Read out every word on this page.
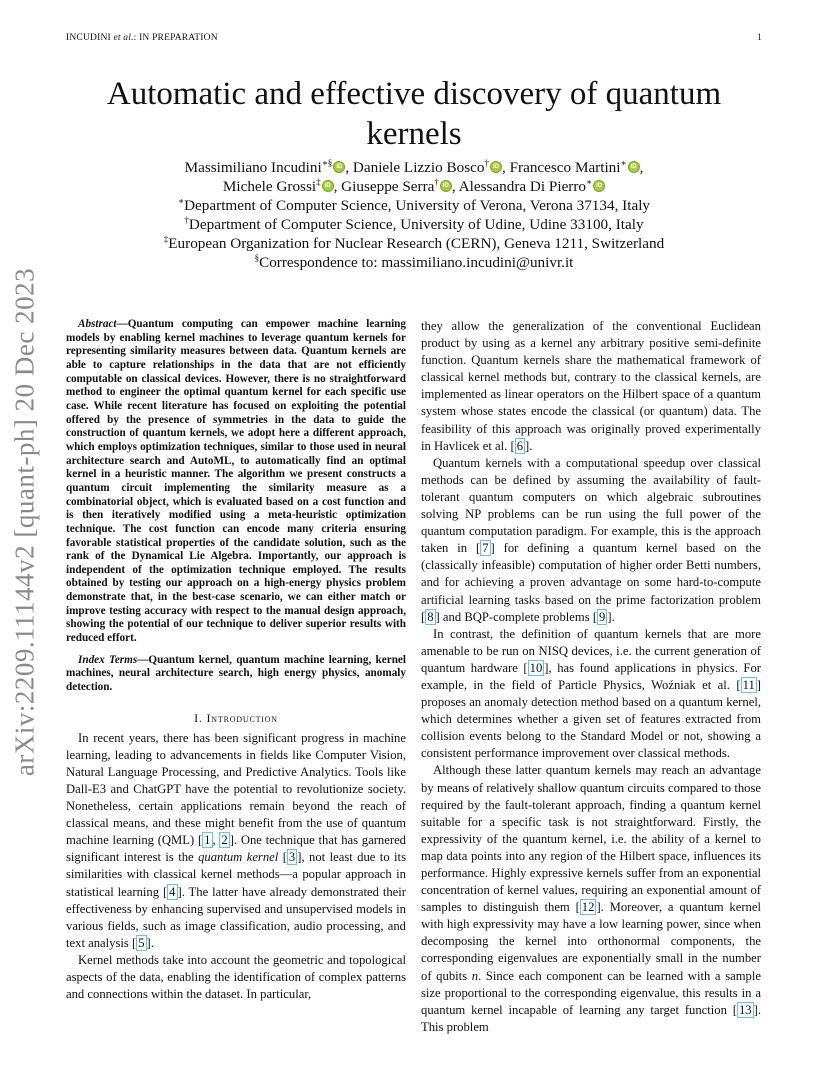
INCUDINI et al.: IN PREPARATION	1
arXiv:2209.11144v2 [quant-ph] 20 Dec 2023
Automatic and effective discovery of quantum kernels
Massimiliano Incudini∗§ iD , Daniele Lizzio Bosco† iD , Francesco Martini∗ iD ,
Michele Grossi‡ iD , Giuseppe Serra† iD , Alessandra Di Pierro∗iD
∗Department of Computer Science, University of Verona, Verona 37134, Italy
†Department of Computer Science, University of Udine, Udine 33100, Italy
‡European Organization for Nuclear Research (CERN), Geneva 1211, Switzerland
§Correspondence to: massimiliano.incudini@univr.it

Abstract—Quantum computing can empower machine learning models by enabling kernel machines to leverage quantum kernels for representing similarity measures between data. Quantum kernels are able to capture relationships in the data that are not efficiently computable on classical devices. However, there is no straightforward method to engineer the optimal quantum kernel for each specific use case. While recent literature has focused on exploiting the potential offered by the presence of symmetries in the data to guide the construction of quantum kernels, we adopt here a different approach, which employs optimization techniques, similar to those used in neural architecture search and AutoML, to automatically find an optimal kernel in a heuristic manner. The algorithm we present constructs a quantum circuit implementing the similarity measure as a combinatorial object, which is evaluated based on a cost function and is then iteratively modified using a meta-heuristic optimization technique. The cost function can encode many criteria ensuring favorable statistical properties of the candidate solution, such as the rank of the Dynamical Lie Algebra. Importantly, our approach is independent of the optimization technique employed. The results obtained by testing our approach on a high-energy physics problem demonstrate that, in the best-case scenario, we can either match or improve testing accuracy with respect to the manual design approach, showing the potential of our technique to deliver superior results with reduced effort.

Index Terms—Quantum kernel, quantum machine learning, kernel machines, neural architecture search, high energy physics, anomaly detection.

I. Introduction

In recent years, there has been significant progress in machine learning, leading to advancements in fields like Computer Vision, Natural Language Processing, and Predictive Analytics. Tools like Dall-E3 and ChatGPT have the potential to revolutionize society. Nonetheless, certain applications remain beyond the reach of classical means, and these might benefit from the use of quantum machine learning (QML) [ 1 , 2 ]. One technique that has garnered significant interest is the quantum kernel [ 3 ], not least due to its similarities with classical kernel methods—a popular approach in statistical learning [ 4 ]. The latter have already demonstrated their effectiveness by enhancing supervised and unsupervised models in various fields, such as image classification, audio processing, and text analysis [ 5 ].

Kernel methods take into account the geometric and topological aspects of the data, enabling the identification of complex patterns and connections within the dataset. In particular,

they allow the generalization of the conventional Euclidean product by using as a kernel any arbitrary positive semi-definite function. Quantum kernels share the mathematical framework of classical kernel methods but, contrary to the classical kernels, are implemented as linear operators on the Hilbert space of a quantum system whose states encode the classical (or quantum) data. The feasibility of this approach was originally proved experimentally in Havlicek et al. [ 6 ].

Quantum kernels with a computational speedup over classical methods can be defined by assuming the availability of fault-tolerant quantum computers on which algebraic subroutines solving NP problems can be run using the full power of the quantum computation paradigm. For example, this is the approach taken in [ 7 ] for defining a quantum kernel based on the (classically infeasible) computation of higher order Betti numbers, and for achieving a proven advantage on some hard-to-compute artificial learning tasks based on the prime factorization problem [ 8 ] and BQP-complete problems [ 9 ].

In contrast, the definition of quantum kernels that are more amenable to be run on NISQ devices, i.e. the current generation of quantum hardware [ 10 ], has found applications in physics. For example, in the field of Particle Physics, Woźniak et al. [ 11 ] proposes an anomaly detection method based on a quantum kernel, which determines whether a given set of features extracted from collision events belong to the Standard Model or not, showing a consistent performance improvement over classical methods.

Although these latter quantum kernels may reach an advantage by means of relatively shallow quantum circuits compared to those required by the fault-tolerant approach, finding a quantum kernel suitable for a specific task is not straightforward. Firstly, the expressivity of the quantum kernel, i.e. the ability of a kernel to map data points into any region of the Hilbert space, influences its performance. Highly expressive kernels suffer from an exponential concentration of kernel values, requiring an exponential amount of samples to distinguish them [ 12 ]. Moreover, a quantum kernel with high expressivity may have a low learning power, since when decomposing the kernel into orthonormal components, the corresponding eigenvalues are exponentially small in the number of qubits n. Since each component can be learned with a sample size proportional to the corresponding eigenvalue, this results in a quantum kernel incapable of learning any target function [ 13 ]. This problem
